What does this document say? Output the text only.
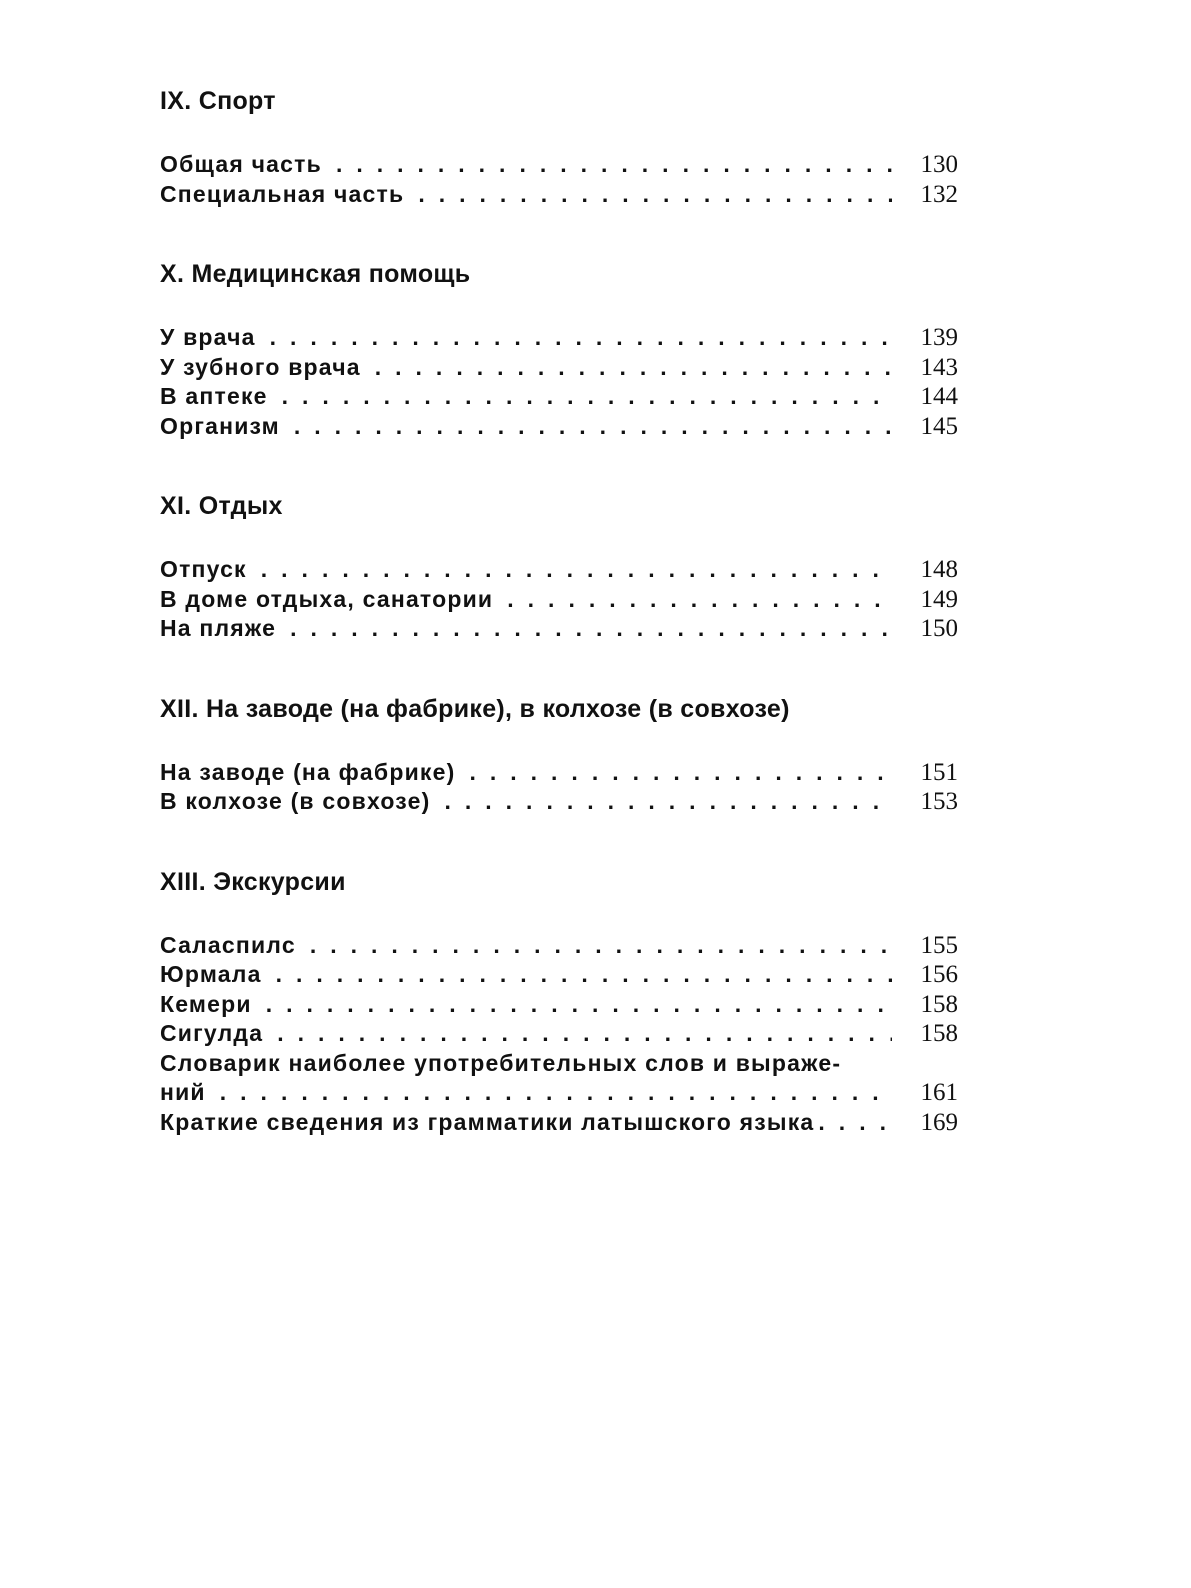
IX. Спорт
Общая часть .....	130
Специальная часть .....	132
X. Медицинская помощь
У врача .....	139
У зубного врача .....	143
В аптеке .....	144
Организм .....	145
XI. Отдых
Отпуск .....	148
В доме отдыха, санатории .....	149
На пляже .....	150
XII. На заводе (на фабрике), в колхозе (в совхозе)
На заводе (на фабрике) .....	151
В колхозе (в совхозе) .....	153
XIII. Экскурсии
Саласпилс .....	155
Юрмала .....	156
Кемери .....	158
Сигулда .....	158
Словарик наиболее употребительных слов и выраже-
ний .....	161
Краткие сведения из грамматики латышского языка .....	169
